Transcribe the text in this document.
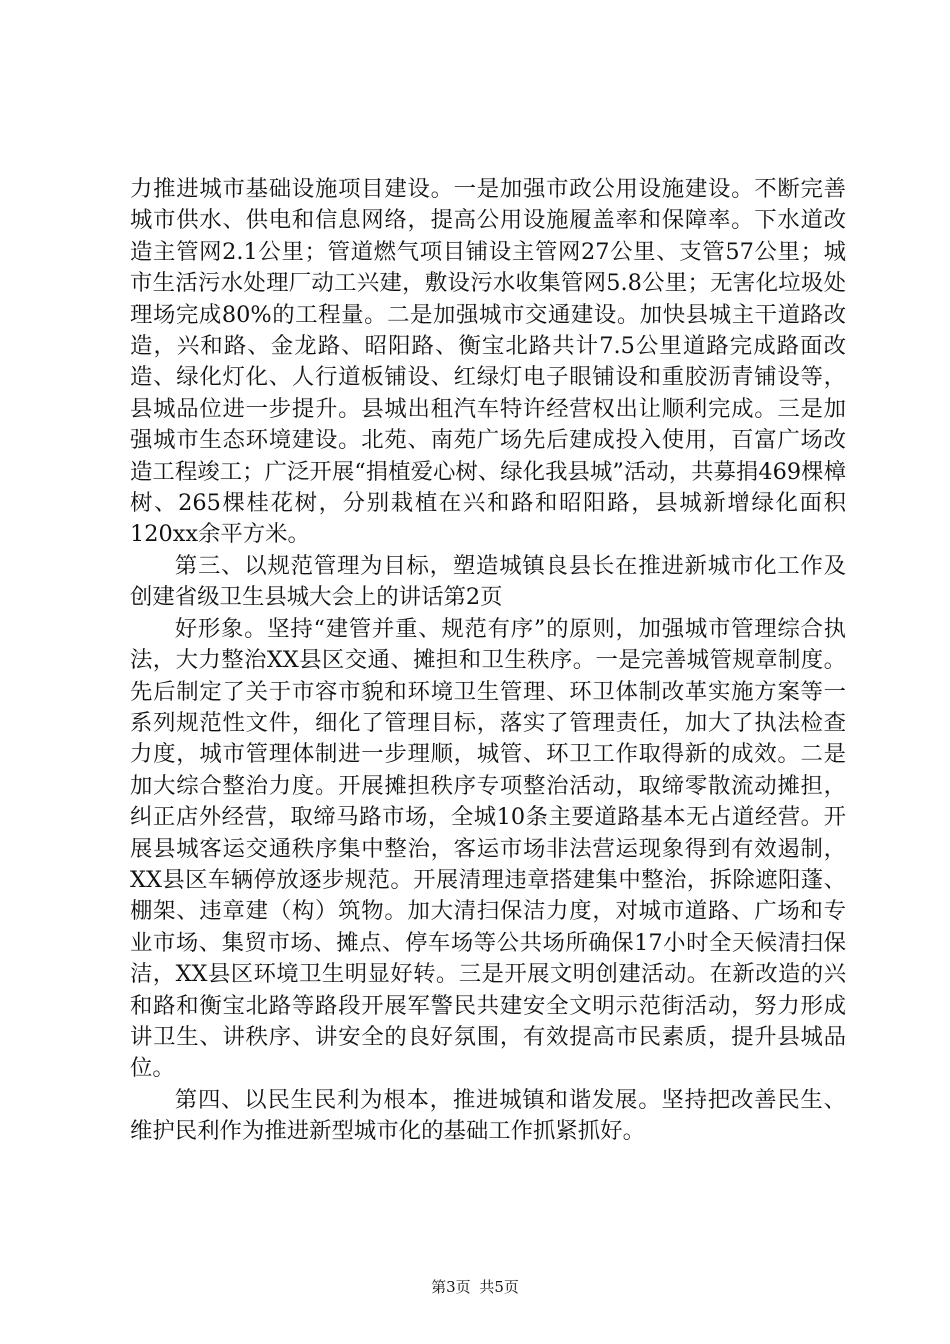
力推进城市基础设施项目建设。一是加强市政公用设施建设。不断完善城市供水、供电和信息网络，提高公用设施履盖率和保障率。下水道改造主管网2.1公里；管道燃气项目铺设主管网27公里、支管57公里；城市生活污水处理厂动工兴建，敷设污水收集管网5.8公里；无害化垃圾处理场完成80%的工程量。二是加强城市交通建设。加快县城主干道路改造，兴和路、金龙路、昭阳路、衡宝北路共计7.5公里道路完成路面改造、绿化灯化、人行道板铺设、红绿灯电子眼铺设和重胶沥青铺设等，县城品位进一步提升。县城出租汽车特许经营权出让顺利完成。三是加强城市生态环境建设。北苑、南苑广场先后建成投入使用，百富广场改造工程竣工；广泛开展“捐植爱心树、绿化我县城”活动，共募捐469棵樟树、265棵桂花树，分别栽植在兴和路和昭阳路，县城新增绿化面积120xx余平方米。

第三、以规范管理为目标，塑造城镇良县长在推进新城市化工作及创建省级卫生县城大会上的讲话第2页

好形象。坚持“建管并重、规范有序”的原则，加强城市管理综合执法，大力整治XX县区交通、摊担和卫生秩序。一是完善城管规章制度。先后制定了关于市容市貌和环境卫生管理、环卫体制改革实施方案等一系列规范性文件，细化了管理目标，落实了管理责任，加大了执法检查力度，城市管理体制进一步理顺，城管、环卫工作取得新的成效。二是加大综合整治力度。开展摊担秩序专项整治活动，取缔零散流动摊担，纠正店外经营，取缔马路市场，全城10条主要道路基本无占道经营。开展县城客运交通秩序集中整治，客运市场非法营运现象得到有效遏制，XX县区车辆停放逐步规范。开展清理违章搭建集中整治，拆除遮阳蓬、棚架、违章建（构）筑物。加大清扫保洁力度，对城市道路、广场和专业市场、集贸市场、摊点、停车场等公共场所确保17小时全天候清扫保洁，XX县区环境卫生明显好转。三是开展文明创建活动。在新改造的兴和路和衡宝北路等路段开展军警民共建安全文明示范街活动，努力形成讲卫生、讲秩序、讲安全的良好氛围，有效提高市民素质，提升县城品位。

第四、以民生民利为根本，推进城镇和谐发展。坚持把改善民生、维护民利作为推进新型城市化的基础工作抓紧抓好。

第3页 共5页
